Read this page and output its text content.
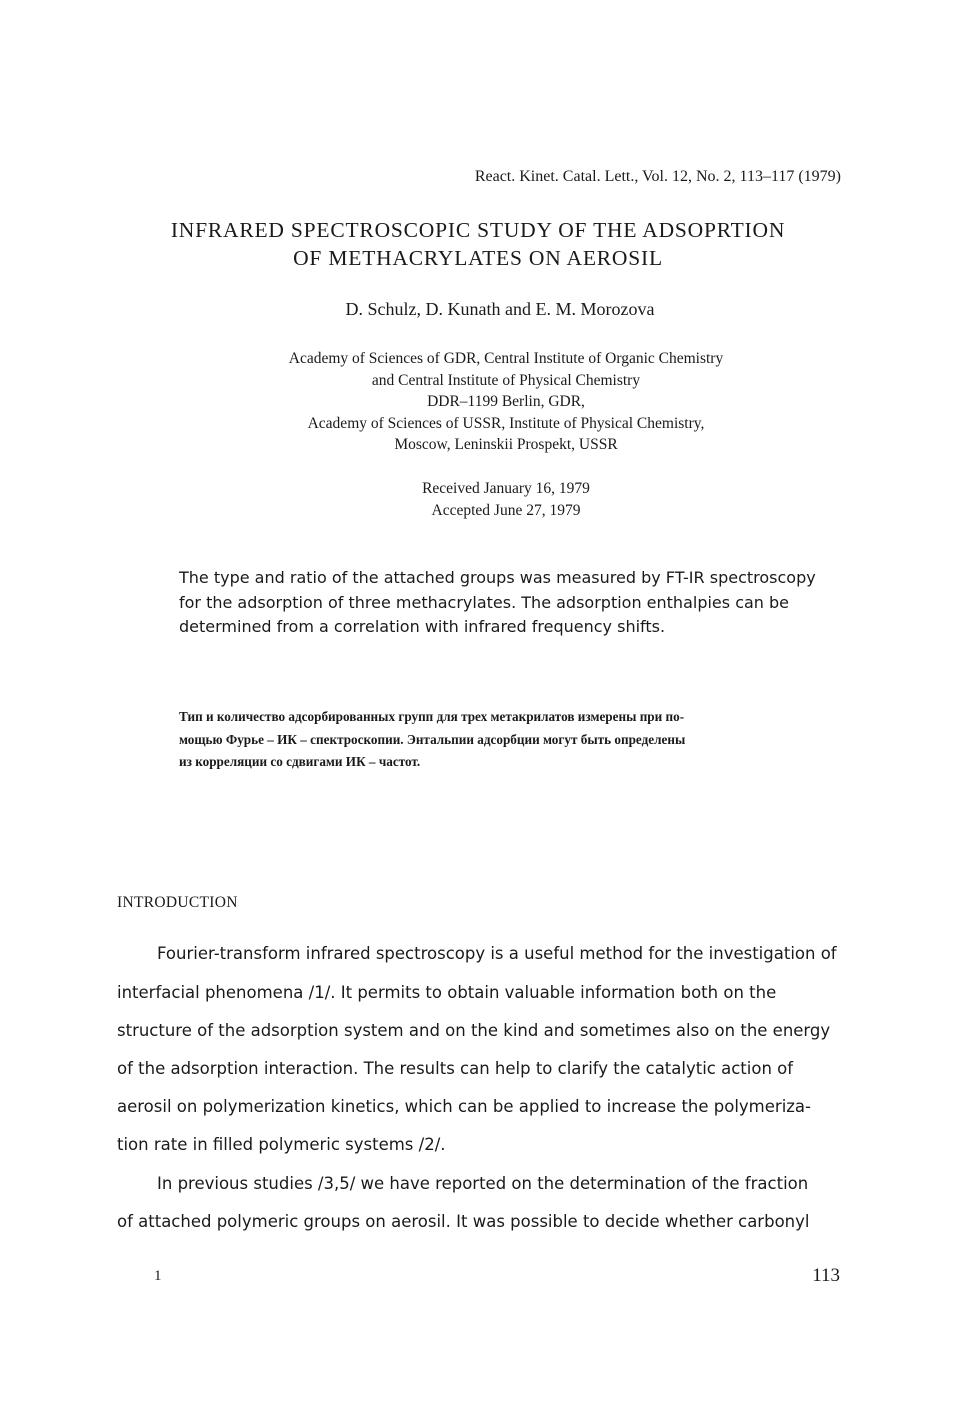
React. Kinet. Catal. Lett., Vol. 12, No. 2, 113–117 (1979)
INFRARED SPECTROSCOPIC STUDY OF THE ADSOPRTION
OF METHACRYLATES ON AEROSIL
D. Schulz, D. Kunath and E. M. Morozova
Academy of Sciences of GDR, Central Institute of Organic Chemistry
and Central Institute of Physical Chemistry
DDR–1199 Berlin, GDR,
Academy of Sciences of USSR, Institute of Physical Chemistry,
Moscow, Leninskii Prospekt, USSR
Received January 16, 1979
Accepted June 27, 1979
The type and ratio of the attached groups was measured by FT-IR spectroscopy
for the adsorption of three methacrylates. The adsorption enthalpies can be
determined from a correlation with infrared frequency shifts.
Тип и количество адсорбированных групп для трех метакрилатов измерены при по-
мощью Фурье – ИК – спектроскопии. Энтальпии адсорбции могут быть определены
из корреляции со сдвигами ИК – частот.
INTRODUCTION
Fourier-transform infrared spectroscopy is a useful method for the investigation of
interfacial phenomena /1/. It permits to obtain valuable information both on the
structure of the adsorption system and on the kind and sometimes also on the energy
of the adsorption interaction. The results can help to clarify the catalytic action of
aerosil on polymerization kinetics, which can be applied to increase the polymeriza-
tion rate in filled polymeric systems /2/.
In previous studies /3,5/ we have reported on the determination of the fraction
of attached polymeric groups on aerosil. It was possible to decide whether carbonyl
1	113
